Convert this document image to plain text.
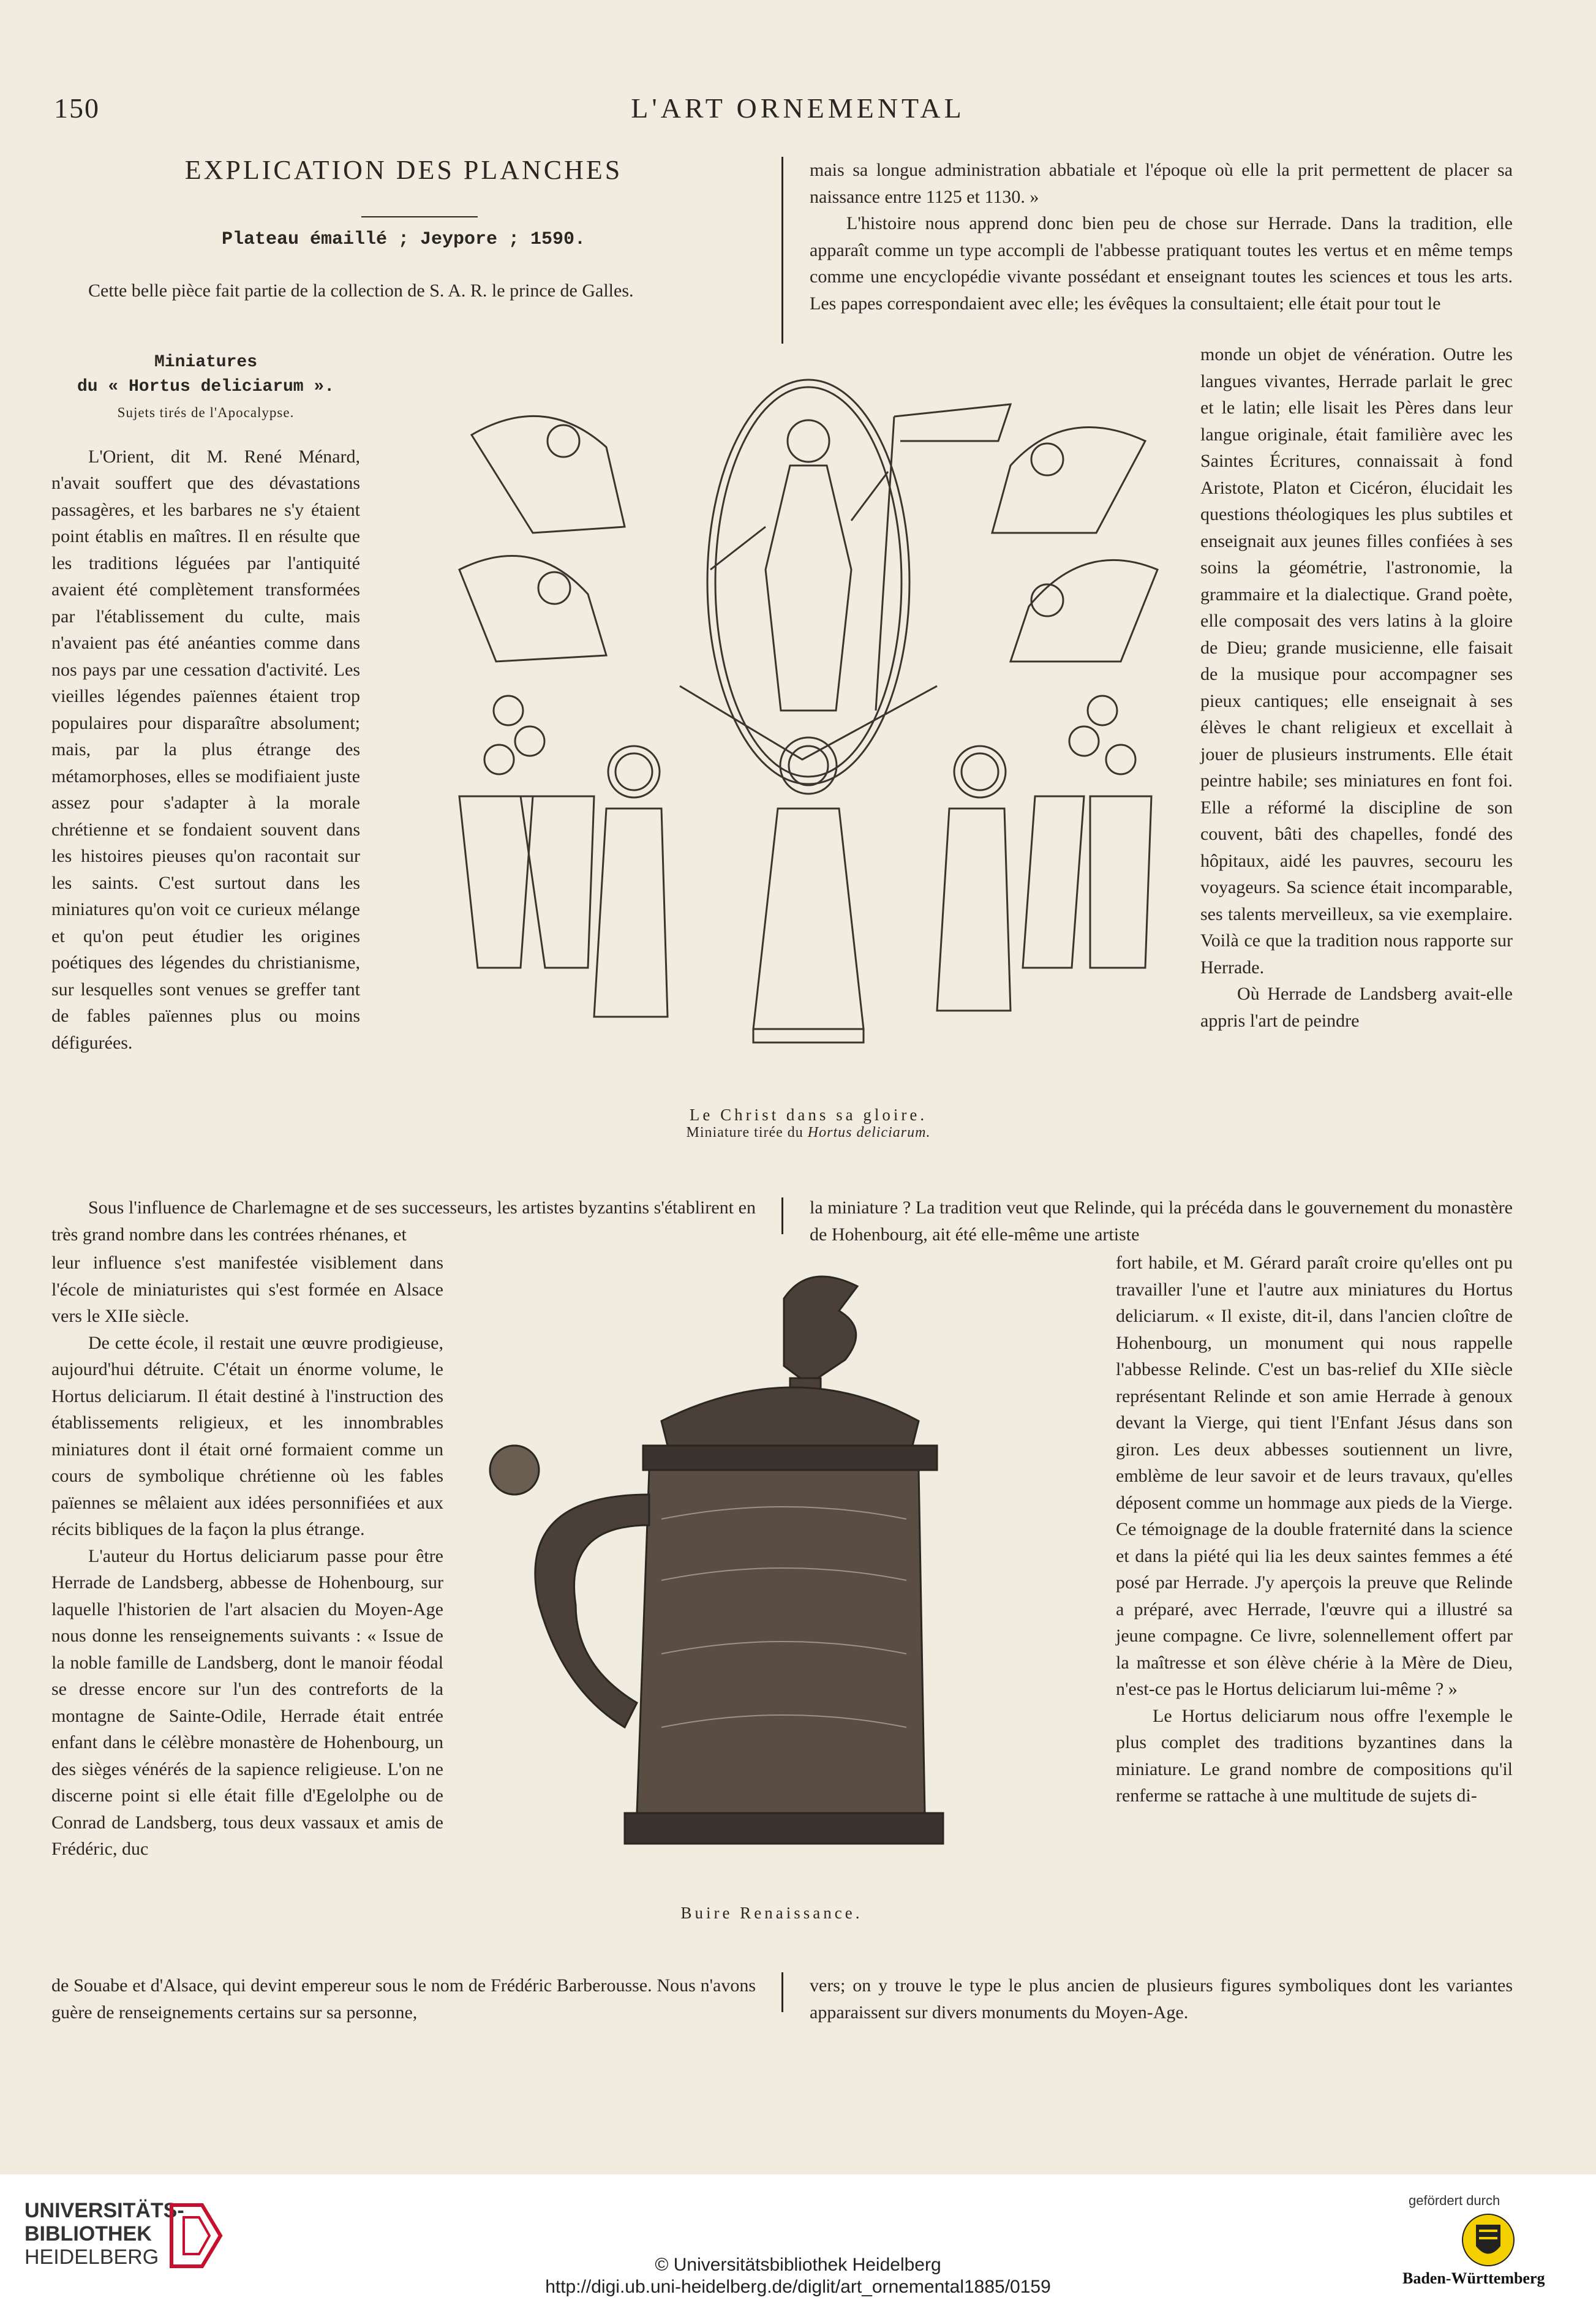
150	L'ART ORNEMENTAL
EXPLICATION DES PLANCHES
Plateau émaillé ; Jeypore ; 1590.

Cette belle pièce fait partie de la collection de S. A. R. le prince de Galles.

mais sa longue administration abbatiale et l'époque où elle la prit permettent de placer sa naissance entre 1125 et 1130. »

L'histoire nous apprend donc bien peu de chose sur Herrade. Dans la tradition, elle apparaît comme un type accompli de l'abbesse pratiquant toutes les vertus et en même temps comme une encyclopédie vivante possédant et enseignant toutes les sciences et tous les arts. Les papes correspondaient avec elle; les évêques la consultaient; elle était pour tout le

Miniatures
du « Hortus deliciarum ».
Sujets tirés de l'Apocalypse.

L'Orient, dit M. René Ménard, n'avait souffert que des dévastations passagères, et les barbares ne s'y étaient point établis en maîtres. Il en résulte que les traditions léguées par l'antiquité avaient été complètement transformées par l'établissement du culte, mais n'avaient pas été anéanties comme dans nos pays par une cessation d'activité. Les vieilles légendes païennes étaient trop populaires pour disparaître absolument; mais, par la plus étrange des métamorphoses, elles se modifiaient juste assez pour s'adapter à la morale chrétienne et se fondaient souvent dans les histoires pieuses qu'on racontait sur les saints. C'est surtout dans les miniatures qu'on voit ce curieux mélange et qu'on peut étudier les origines poétiques des légendes du christianisme, sur lesquelles sont venues se greffer tant de fables païennes plus ou moins défigurées.

Le Christ dans sa gloire.
Miniature tirée du Hortus deliciarum.

monde un objet de vénération. Outre les langues vivantes, Herrade parlait le grec et le latin; elle lisait les Pères dans leur langue originale, était familière avec les Saintes Écritures, connaissait à fond Aristote, Platon et Cicéron, élucidait les questions théologiques les plus subtiles et enseignait aux jeunes filles confiées à ses soins la géométrie, l'astronomie, la grammaire et la dialectique. Grand poète, elle composait des vers latins à la gloire de Dieu; grande musicienne, elle faisait de la musique pour accompagner ses pieux cantiques; elle enseignait à ses élèves le chant religieux et excellait à jouer de plusieurs instruments. Elle était peintre habile; ses miniatures en font foi. Elle a réformé la discipline de son couvent, bâti des chapelles, fondé des hôpitaux, aidé les pauvres, secouru les voyageurs. Sa science était incomparable, ses talents merveilleux, sa vie exemplaire. Voilà ce que la tradition nous rapporte sur Herrade.

Où Herrade de Landsberg avait-elle appris l'art de peindre

Sous l'influence de Charlemagne et de ses successeurs, les artistes byzantins s'établirent en très grand nombre dans les contrées rhénanes, et

la miniature ? La tradition veut que Relinde, qui la précéda dans le gouvernement du monastère de Hohenbourg, ait été elle-même une artiste

leur influence s'est manifestée visiblement dans l'école de miniaturistes qui s'est formée en Alsace vers le XIIe siècle.

De cette école, il restait une œuvre prodigieuse, aujourd'hui détruite. C'était un énorme volume, le Hortus deliciarum. Il était destiné à l'instruction des établissements religieux, et les innombrables miniatures dont il était orné formaient comme un cours de symbolique chrétienne où les fables païennes se mêlaient aux idées personnifiées et aux récits bibliques de la façon la plus étrange.

L'auteur du Hortus deliciarum passe pour être Herrade de Landsberg, abbesse de Hohenbourg, sur laquelle l'historien de l'art alsacien du Moyen-Age nous donne les renseignements suivants : « Issue de la noble famille de Landsberg, dont le manoir féodal se dresse encore sur l'un des contreforts de la montagne de Sainte-Odile, Herrade était entrée enfant dans le célèbre monastère de Hohenbourg, un des sièges vénérés de la sapience religieuse. L'on ne discerne point si elle était fille d'Egelolphe ou de Conrad de Landsberg, tous deux vassaux et amis de Frédéric, duc

Buire Renaissance.

fort habile, et M. Gérard paraît croire qu'elles ont pu travailler l'une et l'autre aux miniatures du Hortus deliciarum. « Il existe, dit-il, dans l'ancien cloître de Hohenbourg, un monument qui nous rappelle l'abbesse Relinde. C'est un bas-relief du XIIe siècle représentant Relinde et son amie Herrade à genoux devant la Vierge, qui tient l'Enfant Jésus dans son giron. Les deux abbesses soutiennent un livre, emblème de leur savoir et de leurs travaux, qu'elles déposent comme un hommage aux pieds de la Vierge. Ce témoignage de la double fraternité dans la science et dans la piété qui lia les deux saintes femmes a été posé par Herrade. J'y aperçois la preuve que Relinde a préparé, avec Herrade, l'œuvre qui a illustré sa jeune compagne. Ce livre, solennellement offert par la maîtresse et son élève chérie à la Mère de Dieu, n'est-ce pas le Hortus deliciarum lui-même ? »

Le Hortus deliciarum nous offre l'exemple le plus complet des traditions byzantines dans la miniature. Le grand nombre de compositions qu'il renferme se rattache à une multitude de sujets di-

de Souabe et d'Alsace, qui devint empereur sous le nom de Frédéric Barberousse. Nous n'avons guère de renseignements certains sur sa personne,

vers; on y trouve le type le plus ancien de plusieurs figures symboliques dont les variantes apparaissent sur divers monuments du Moyen-Age.

UNIVERSITÄTS-
BIBLIOTHEK
HEIDELBERG	© Universitätsbibliothek Heidelberg
http://digi.ub.uni-heidelberg.de/diglit/art_ornemental1885/0159
gefördert durch
Baden-Württemberg
